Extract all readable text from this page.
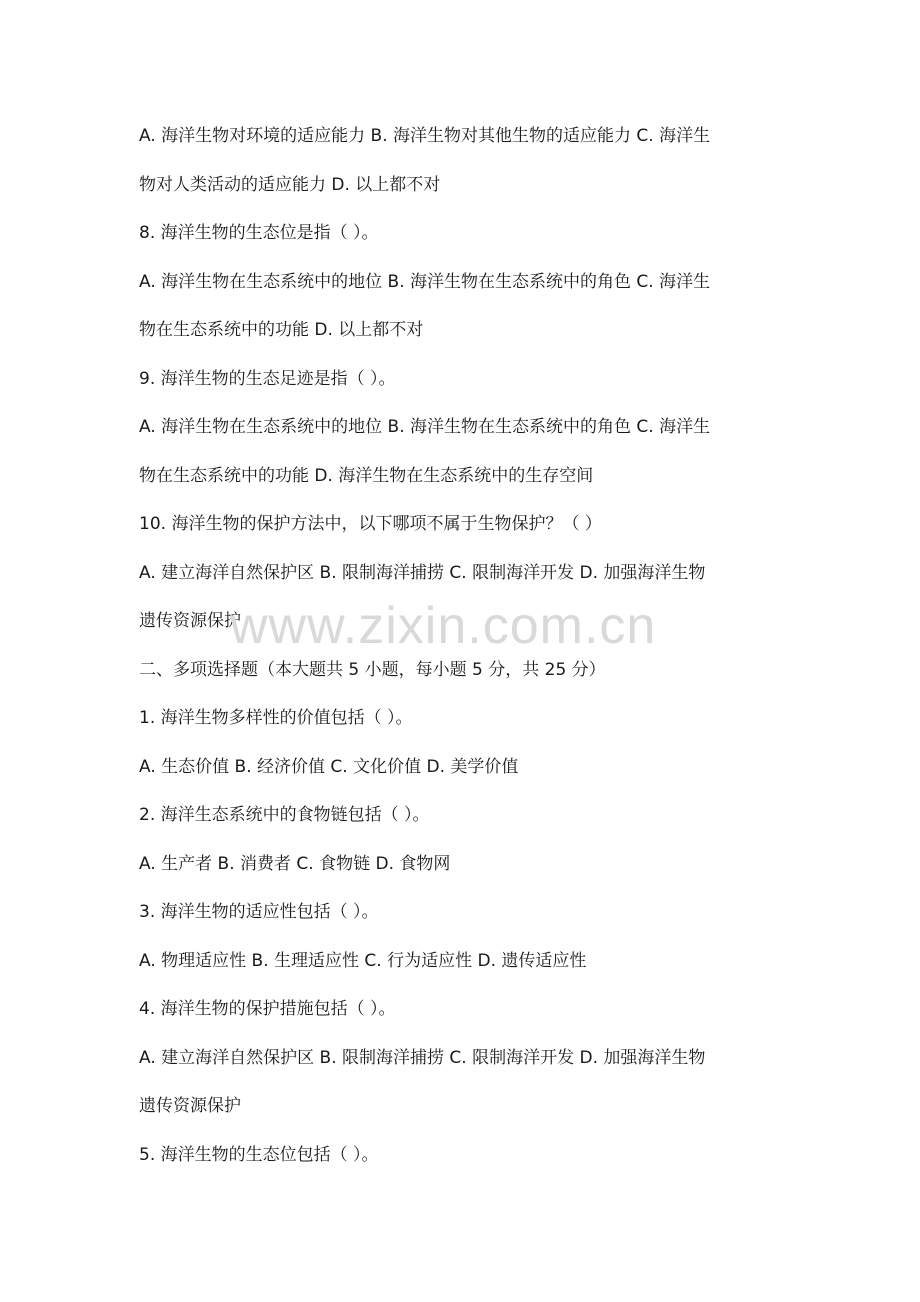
A. 海洋生物对环境的适应能力 B. 海洋生物对其他生物的适应能力 C. 海洋生
物对人类活动的适应能力 D. 以上都不对
8. 海洋生物的生态位是指（ ）。
A. 海洋生物在生态系统中的地位 B. 海洋生物在生态系统中的角色 C. 海洋生
物在生态系统中的功能 D. 以上都不对
9. 海洋生物的生态足迹是指（ ）。
A. 海洋生物在生态系统中的地位 B. 海洋生物在生态系统中的角色 C. 海洋生
物在生态系统中的功能 D. 海洋生物在生态系统中的生存空间
10. 海洋生物的保护方法中，以下哪项不属于生物保护？（ ）
A. 建立海洋自然保护区 B. 限制海洋捕捞 C. 限制海洋开发 D. 加强海洋生物
遗传资源保护
二、多项选择题（本大题共 5 小题，每小题 5 分，共 25 分）
1. 海洋生物多样性的价值包括（ ）。
A. 生态价值 B. 经济价值 C. 文化价值 D. 美学价值
2. 海洋生态系统中的食物链包括（ ）。
A. 生产者 B. 消费者 C. 食物链 D. 食物网
3. 海洋生物的适应性包括（ ）。
A. 物理适应性 B. 生理适应性 C. 行为适应性 D. 遗传适应性
4. 海洋生物的保护措施包括（ ）。
A. 建立海洋自然保护区 B. 限制海洋捕捞 C. 限制海洋开发 D. 加强海洋生物
遗传资源保护
5. 海洋生物的生态位包括（ ）。
www.zixin.com.cn
